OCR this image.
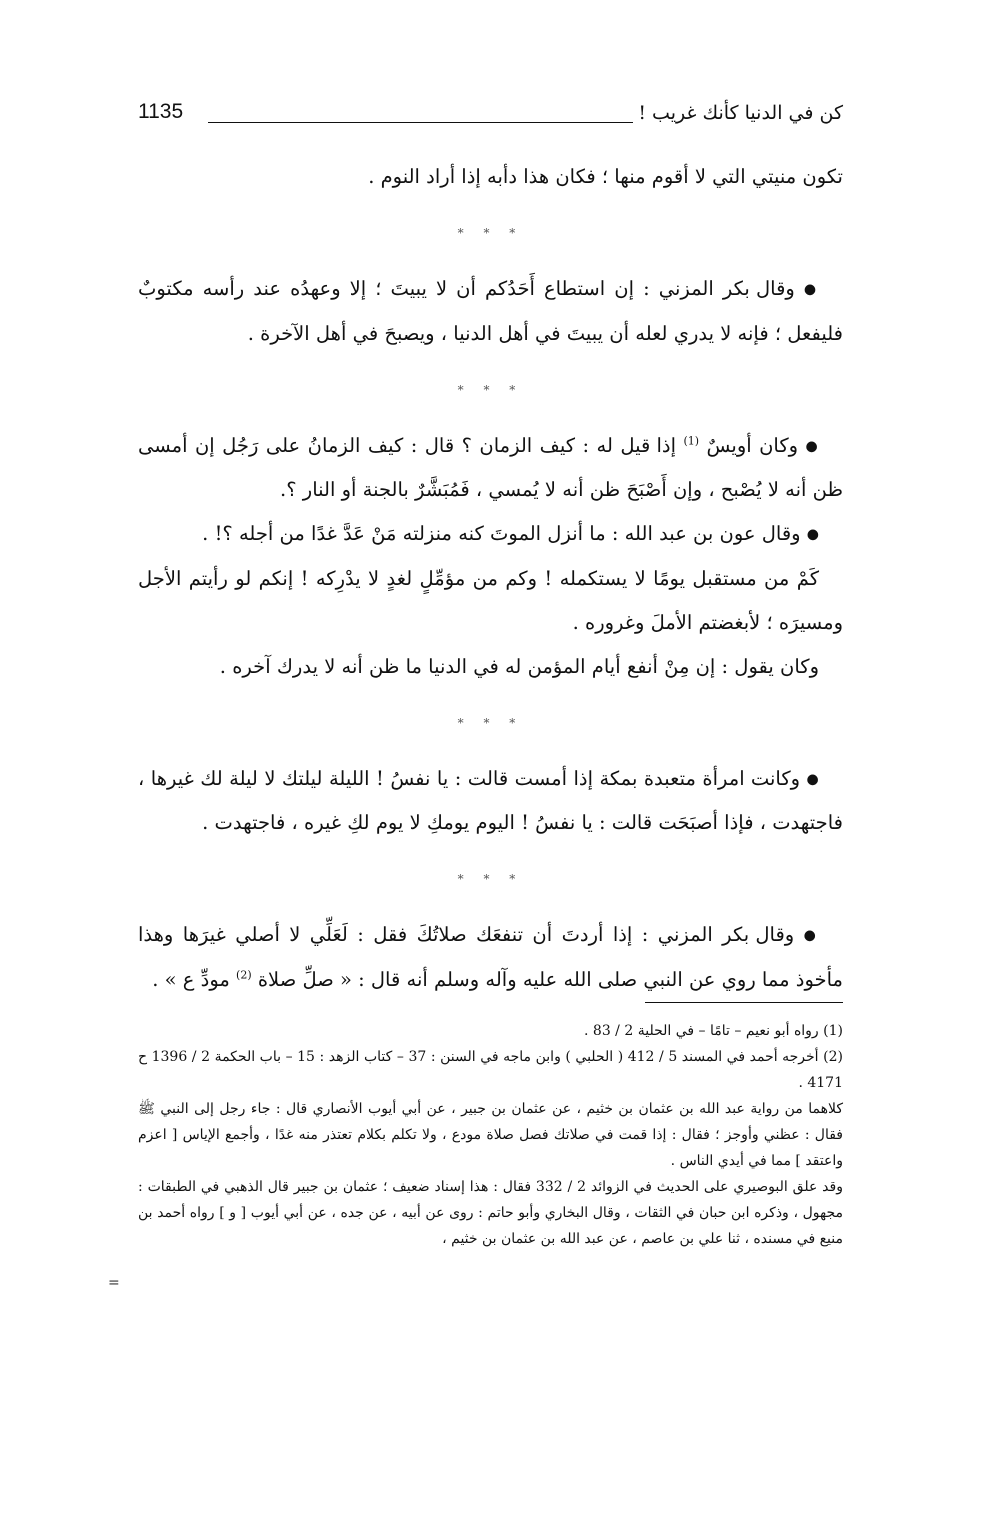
كن في الدنيا كأنك غريب !
1135

تكون منيتي التي لا أقوم منها ؛ فكان هذا دأبه إذا أراد النوم .

* * *

● وقال بكر المزني : إن استطاع أَحَدُكم أن لا يبيتَ ؛ إلا وعهدُه عند رأسه مكتوبٌ فليفعل ؛ فإنه لا يدري لعله أن يبيتَ في أهل الدنيا ، ويصبحَ في أهل الآخرة .

* * *

● وكان أويسٌ $^{(1)}$ إذا قيل له : كيف الزمان ؟ قال : كيف الزمانُ على رَجُل إن أمسى ظن أنه لا يُصْبح ، وإن أَصْبَحَ ظن أنه لا يُمسي ، فَمُبَشَّرٌ بالجنة أو النار ؟.

● وقال عون بن عبد الله : ما أنزل الموتَ كنه منزلته مَنْ عَدَّ غدًا من أجله ؟! .

كَمْ من مستقبل يومًا لا يستكمله ! وكم من مؤمِّلٍ لغدٍ لا يدْرِكه ! إنكم لو رأيتم الأجل ومسيرَه ؛ لأبغضتم الأملَ وغروره .

وكان يقول : إن مِنْ أنفع أيام المؤمن له في الدنيا ما ظن أنه لا يدرك آخره .

* * *

● وكانت امرأة متعبدة بمكة إذا أمست قالت : يا نفسُ ! الليلة ليلتك لا ليلة لك غيرها ، فاجتهدت ، فإذا أصبَحَت قالت : يا نفسُ ! اليوم يومكِ لا يوم لكِ غيره ، فاجتهدت .

* * *

● وقال بكر المزني : إذا أردتَ أن تنفعَك صلاتُكَ فقل : لَعَلِّي لا أصلي غيرَها وهذا مأخوذ مما روي عن النبي صلى الله عليه وآله وسلم أنه قال : « صلِّ صلاة $^{(2)}$ مودِّ ع » .

(1) رواه أبو نعيم – تامًا – في الحلية 2 / 83 .

(2) أخرجه أحمد في المسند 5 / 412 ( الحلبي ) وابن ماجه في السنن : 37 – كتاب الزهد : 15 – باب الحكمة 2 / 1396 ح 4171 .

كلاهما من رواية عبد الله بن عثمان بن خثيم ، عن عثمان بن جبير ، عن أبي أيوب الأنصاري قال : جاء رجل إلى النبي ﷺ فقال : عظني وأوجز ؛ فقال : إذا قمت في صلاتك فصل صلاة مودع ، ولا تكلم بكلام تعتذر منه غدًا ، وأجمع الإياس [ اعزم واعتقد ] مما في أيدي الناس .

وقد علق البوصيري على الحديث في الزوائد 2 / 332 فقال : هذا إسناد ضعيف ؛ عثمان بن جبير قال الذهبي في الطبقات : مجهول ، وذكره ابن حبان في الثقات ، وقال البخاري وأبو حاتم : روى عن أبيه ، عن جده ، عن أبي أيوب [ و ] رواه أحمد بن منيع في مسنده ، ثنا علي بن عاصم ، عن عبد الله بن عثمان بن خثيم ،

=
